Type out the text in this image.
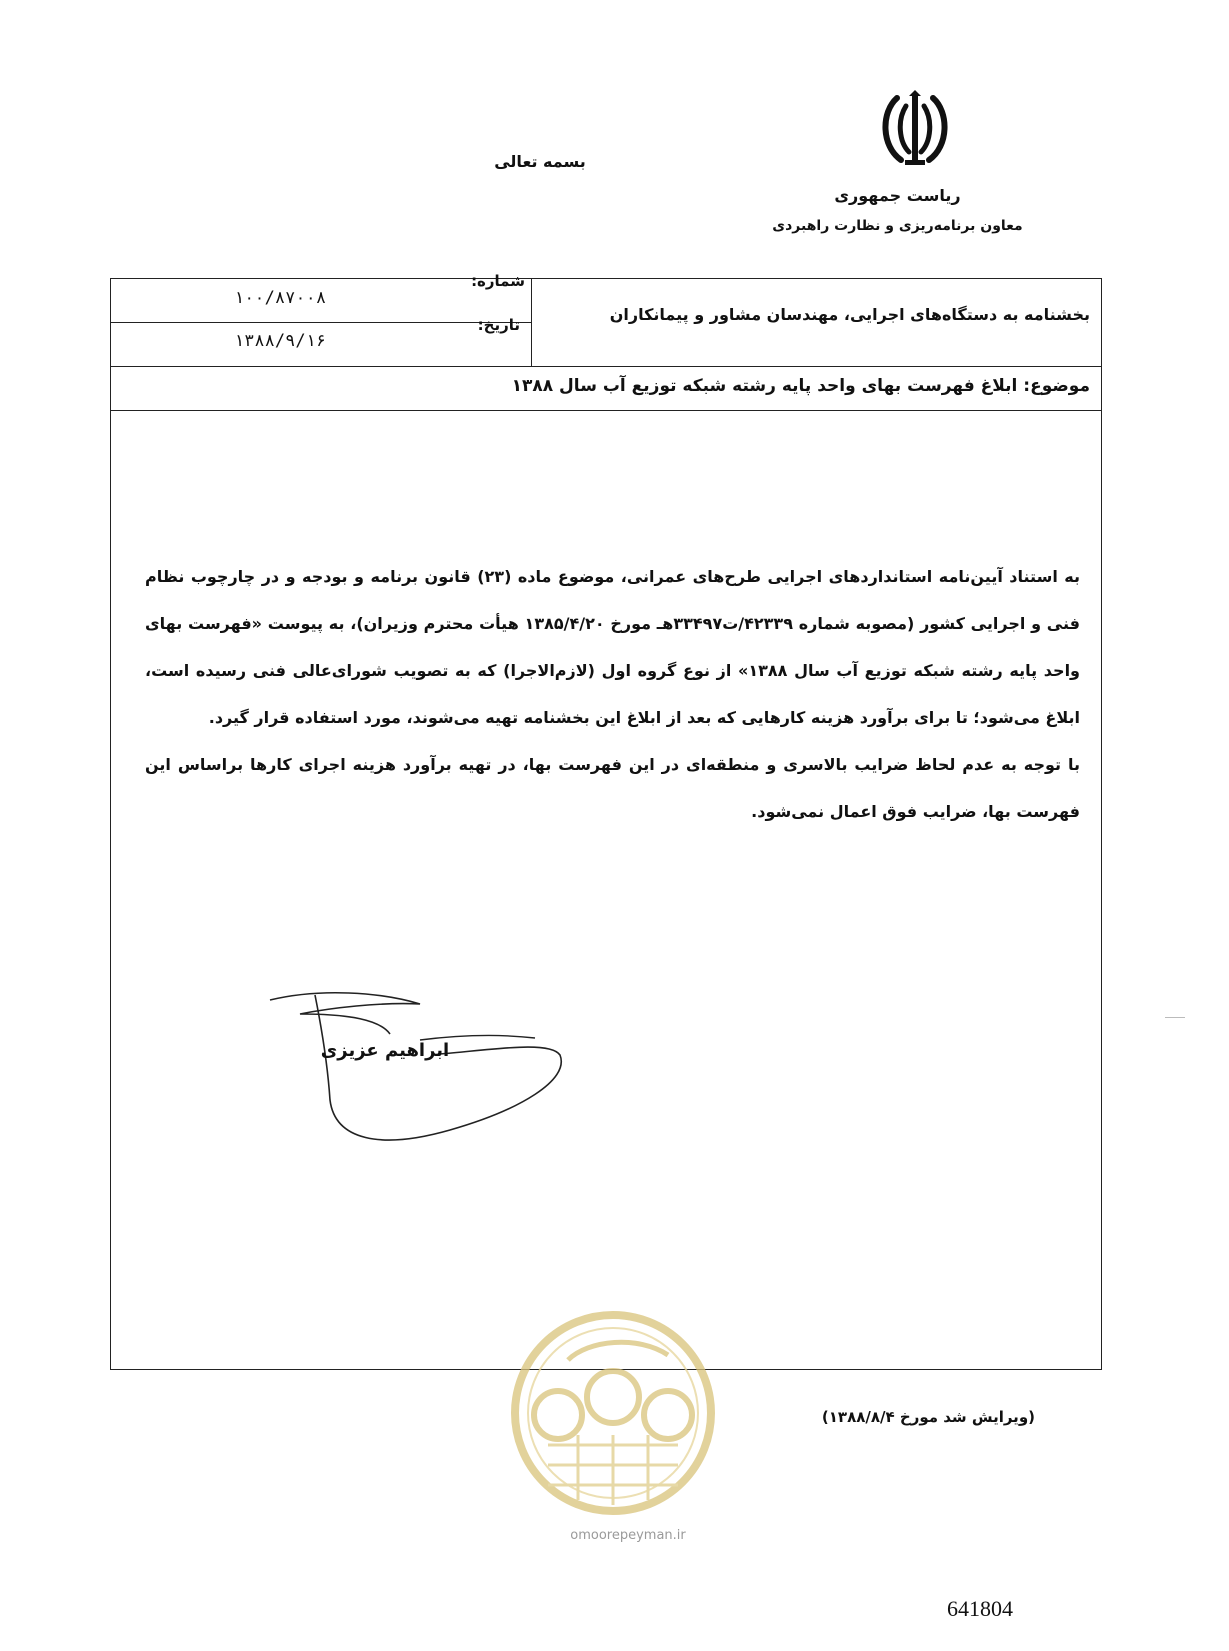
بسمه تعالی
ریاست جمهوری
معاون برنامه‌ریزی و نظارت راهبردی
شماره:
۱۰۰/۸۷۰۰۸
تاریخ:
۱۳۸۸/۹/۱۶
بخشنامه به دستگاه‌های اجرایی، مهندسان مشاور و پیمانکاران
موضوع: ابلاغ فهرست بهای واحد پایه رشته شبکه توزیع آب سال ۱۳۸۸

به استناد آیین‌نامه استانداردهای اجرایی طرح‌های عمرانی، موضوع ماده (۲۳) قانون برنامه و بودجه و در چارچوب نظام فنی و اجرایی کشور (مصوبه شماره ۴۲۳۳۹/ت۳۳۴۹۷هـ مورخ ۱۳۸۵/۴/۲۰ هیأت محترم وزیران)، به پیوست «فهرست بهای واحد پایه رشته شبکه توزیع آب سال ۱۳۸۸» از نوع گروه اول (لازم‌الاجرا) که به تصویب شورای‌عالی فنی رسیده است، ابلاغ می‌شود؛ تا برای برآورد هزینه کارهایی که بعد از ابلاغ این بخشنامه تهیه می‌شوند، مورد استفاده قرار گیرد.

با توجه به عدم لحاظ ضرایب بالاسری و منطقه‌ای در این فهرست بها، در تهیه برآورد هزینه اجرای کارها براساس این فهرست بها، ضرایب فوق اعمال نمی‌شود.

ابراهیم عزیزی
omoorepeyman.ir
(ویرایش شد مورخ ۱۳۸۸/۸/۴)
641804
